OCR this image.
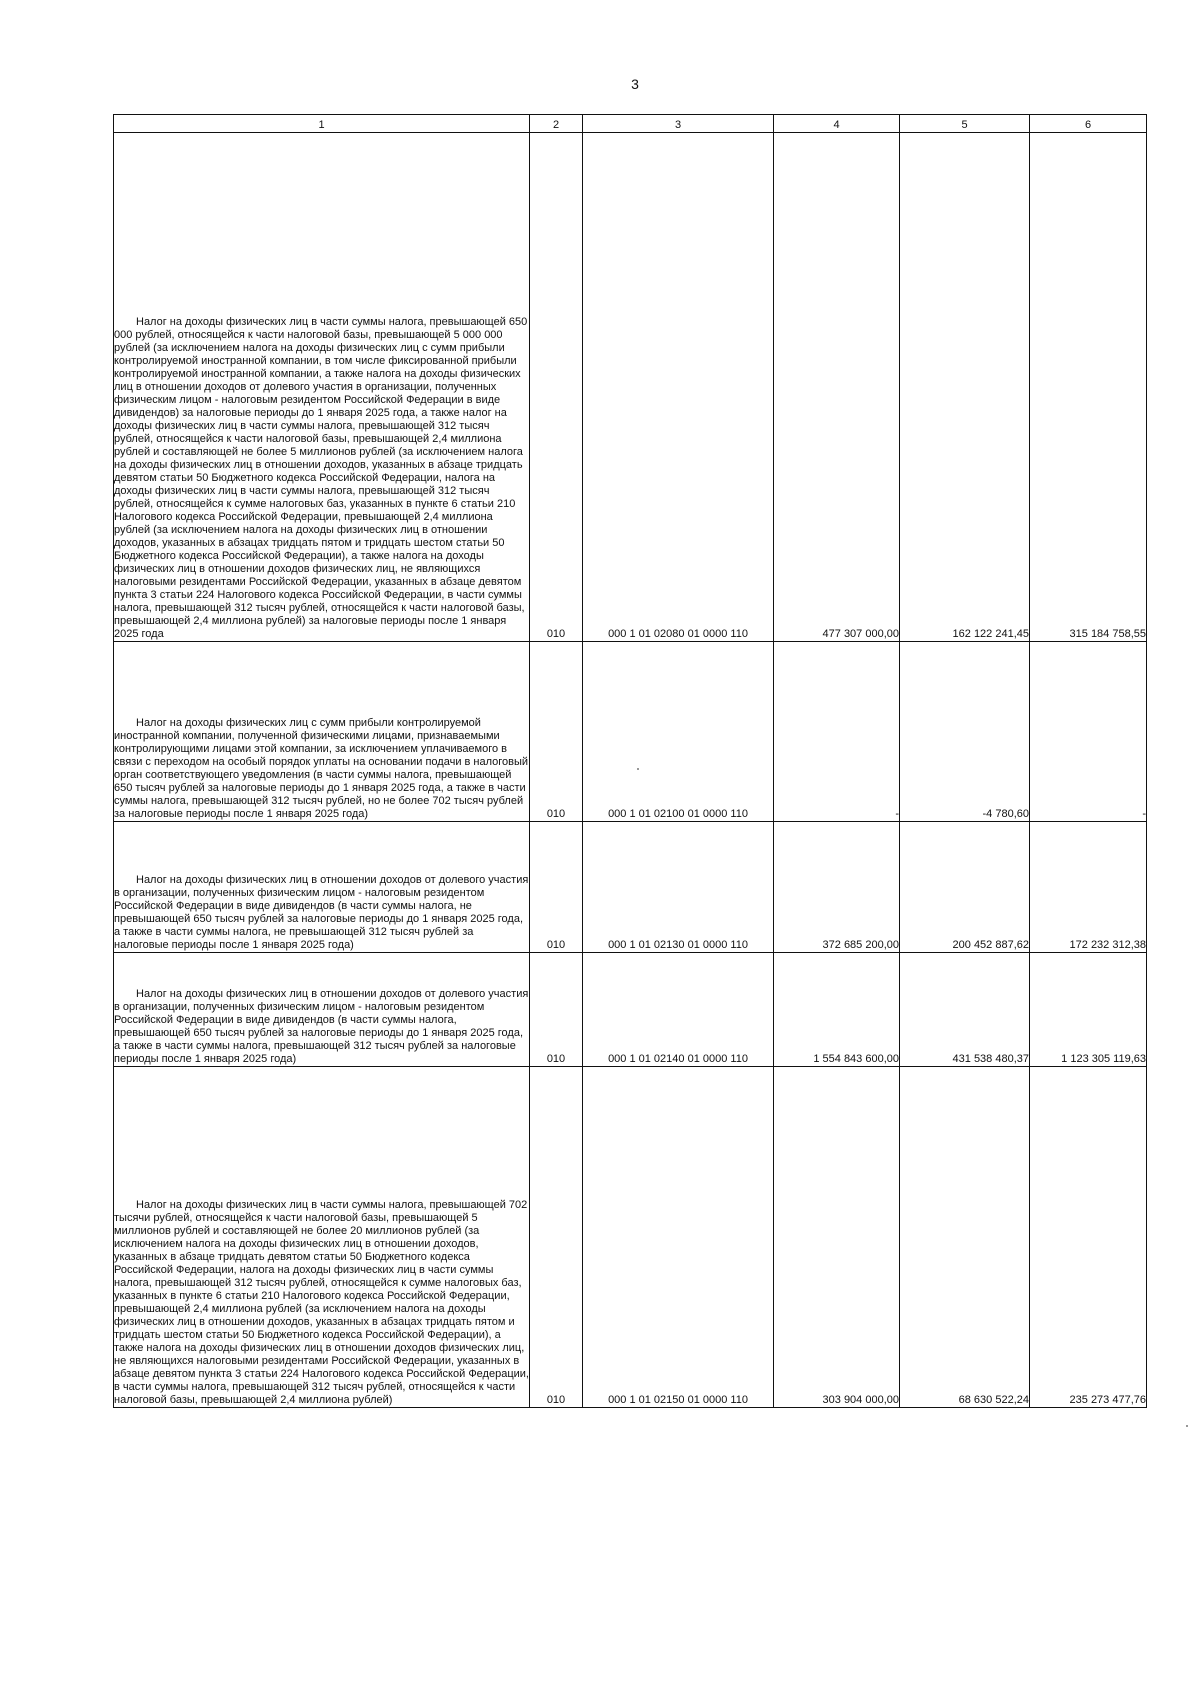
3
1	2	3	4	5	6
Налог на доходы физических лиц в части суммы налога, превышающей 650 000 рублей, относящейся к части налоговой базы, превышающей 5 000 000 рублей (за исключением налога на доходы физических лиц с сумм прибыли контролируемой иностранной компании, в том числе фиксированной прибыли контролируемой иностранной компании, а также налога на доходы физических лиц в отношении доходов от долевого участия в организации, полученных физическим лицом - налоговым резидентом Российской Федерации в виде дивидендов) за налоговые периоды до 1 января 2025 года, а также налог на доходы физических лиц в части суммы налога, превышающей 312 тысяч рублей, относящейся к части налоговой базы, превышающей 2,4 миллиона рублей и составляющей не более 5 миллионов рублей (за исключением налога на доходы физических лиц в отношении доходов, указанных в абзаце тридцать девятом статьи 50 Бюджетного кодекса Российской Федерации, налога на доходы физических лиц в части суммы налога, превышающей 312 тысяч рублей, относящейся к сумме налоговых баз, указанных в пункте 6 статьи 210 Налогового кодекса Российской Федерации, превышающей 2,4 миллиона рублей (за исключением налога на доходы физических лиц в отношении доходов, указанных в абзацах тридцать пятом и тридцать шестом статьи 50 Бюджетного кодекса Российской Федерации), а также налога на доходы физических лиц в отношении доходов физических лиц, не являющихся налоговыми резидентами Российской Федерации, указанных в абзаце девятом пункта 3 статьи 224 Налогового кодекса Российской Федерации, в части суммы налога, превышающей 312 тысяч рублей, относящейся к части налоговой базы, превышающей 2,4 миллиона рублей) за налоговые периоды после 1 января 2025 года	010	000 1 01 02080 01 0000 110	477 307 000,00	162 122 241,45	315 184 758,55
Налог на доходы физических лиц с сумм прибыли контролируемой иностранной компании, полученной физическими лицами, признаваемыми контролирующими лицами этой компании, за исключением уплачиваемого в связи с переходом на особый порядок уплаты на основании подачи в налоговый орган соответствующего уведомления (в части суммы налога, превышающей 650 тысяч рублей за налоговые периоды до 1 января 2025 года, а также в части суммы налога, превышающей 312 тысяч рублей, но не более 702 тысяч рублей за налоговые периоды после 1 января 2025 года)	010	000 1 01 02100 01 0000 110	-	-4 780,60	-
Налог на доходы физических лиц в отношении доходов от долевого участия в организации, полученных физическим лицом - налоговым резидентом Российской Федерации в виде дивидендов (в части суммы налога, не превышающей 650 тысяч рублей за налоговые периоды до 1 января 2025 года, а также в части суммы налога, не превышающей 312 тысяч рублей за налоговые периоды после 1 января 2025 года)	010	000 1 01 02130 01 0000 110	372 685 200,00	200 452 887,62	172 232 312,38
Налог на доходы физических лиц в отношении доходов от долевого участия в организации, полученных физическим лицом - налоговым резидентом Российской Федерации в виде дивидендов (в части суммы налога, превышающей 650 тысяч рублей за налоговые периоды до 1 января 2025 года, а также в части суммы налога, превышающей 312 тысяч рублей за налоговые периоды после 1 января 2025 года)	010	000 1 01 02140 01 0000 110	1 554 843 600,00	431 538 480,37	1 123 305 119,63
Налог на доходы физических лиц в части суммы налога, превышающей 702 тысячи рублей, относящейся к части налоговой базы, превышающей 5 миллионов рублей и составляющей не более 20 миллионов рублей (за исключением налога на доходы физических лиц в отношении доходов, указанных в абзаце тридцать девятом статьи 50 Бюджетного кодекса Российской Федерации, налога на доходы физических лиц в части суммы налога, превышающей 312 тысяч рублей, относящейся к сумме налоговых баз, указанных в пункте 6 статьи 210 Налогового кодекса Российской Федерации, превышающей 2,4 миллиона рублей (за исключением налога на доходы физических лиц в отношении доходов, указанных в абзацах тридцать пятом и тридцать шестом статьи 50 Бюджетного кодекса Российской Федерации), а также налога на доходы физических лиц в отношении доходов физических лиц, не являющихся налоговыми резидентами Российской Федерации, указанных в абзаце девятом пункта 3 статьи 224 Налогового кодекса Российской Федерации, в части суммы налога, превышающей 312 тысяч рублей, относящейся к части налоговой базы, превышающей 2,4 миллиона рублей)	010	000 1 01 02150 01 0000 110	303 904 000,00	68 630 522,24	235 273 477,76
